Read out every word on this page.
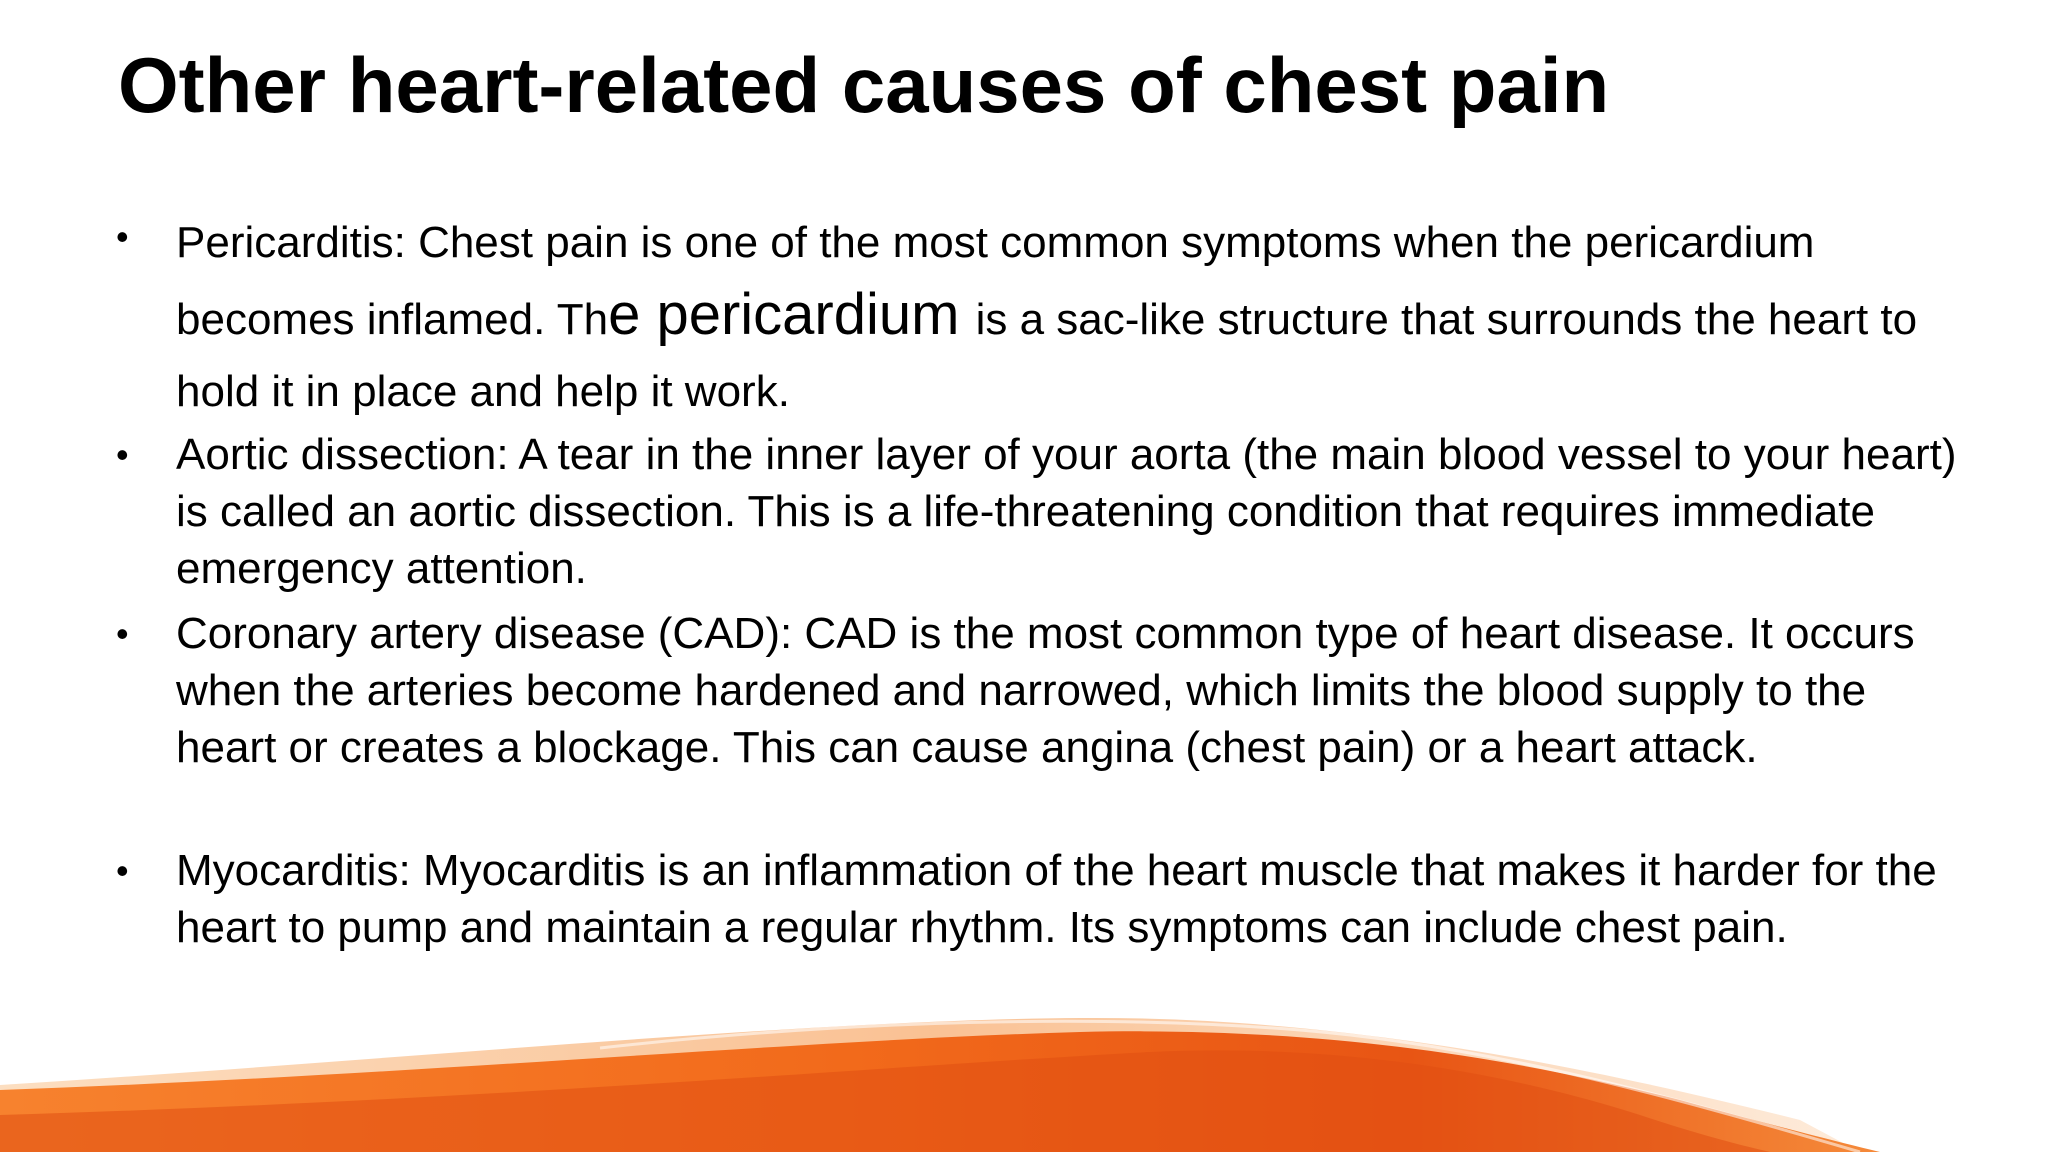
Other heart-related causes of chest pain
• Pericarditis: Chest pain is one of the most common symptoms when the pericardium becomes inflamed. The pericardium is a sac-like structure that surrounds the heart to hold it in place and help it work.
• Aortic dissection: A tear in the inner layer of your aorta (the main blood vessel to your heart) is called an aortic dissection. This is a life-threatening condition that requires immediate emergency attention.
• Coronary artery disease (CAD): CAD is the most common type of heart disease. It occurs when the arteries become hardened and narrowed, which limits the blood supply to the heart or creates a blockage. This can cause angina (chest pain) or a heart attack.
• Myocarditis: Myocarditis is an inflammation of the heart muscle that makes it harder for the heart to pump and maintain a regular rhythm. Its symptoms can include chest pain.
